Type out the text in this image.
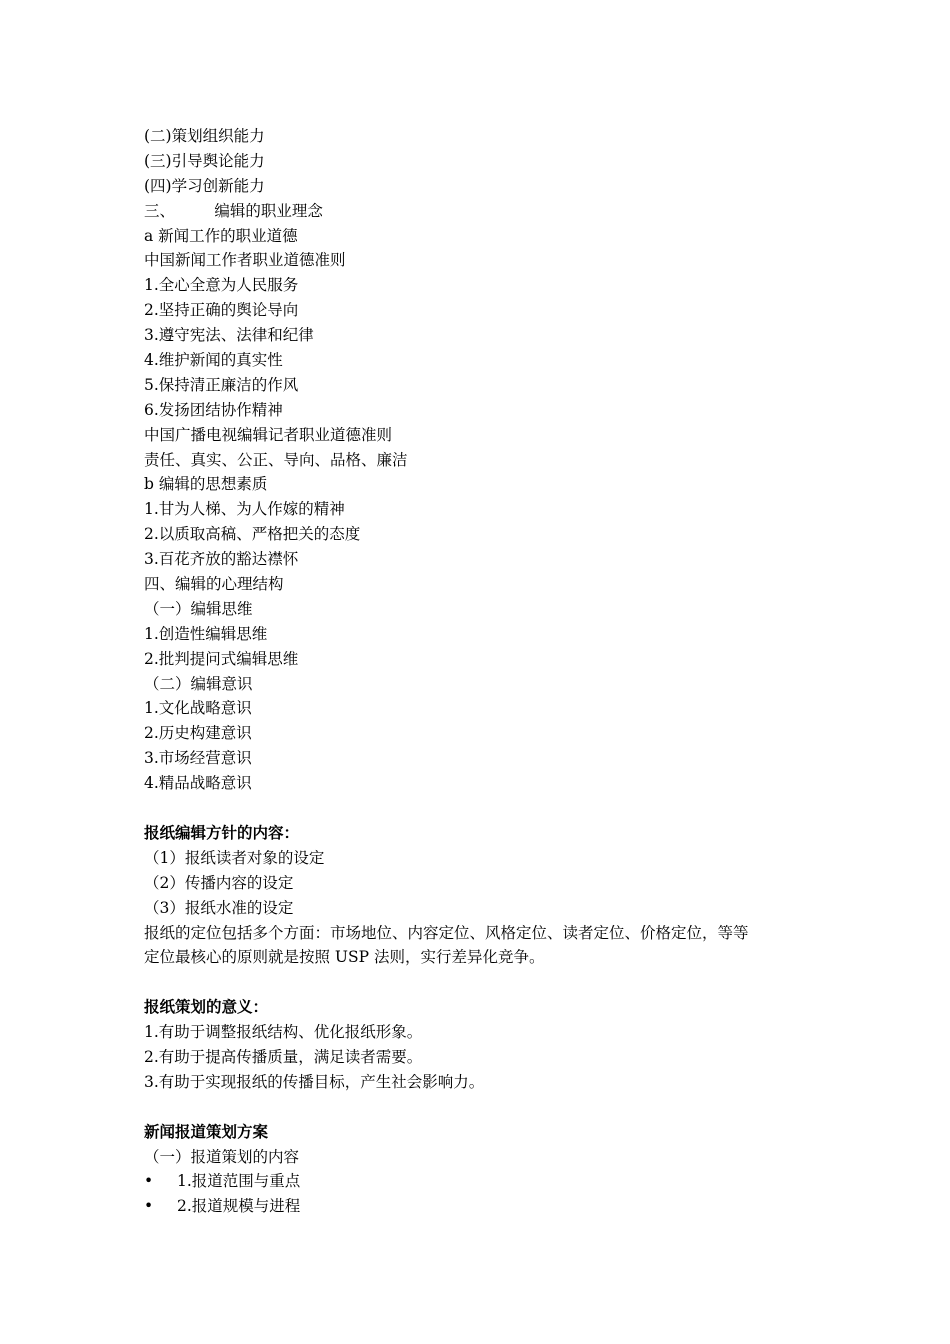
(二)策划组织能力
(三)引导舆论能力
(四)学习创新能力
三、        编辑的职业理念
a 新闻工作的职业道德
中国新闻工作者职业道德准则
1.全心全意为人民服务
2.坚持正确的舆论导向
3.遵守宪法、法律和纪律
4.维护新闻的真实性
5.保持清正廉洁的作风
6.发扬团结协作精神
中国广播电视编辑记者职业道德准则
责任、真实、公正、导向、品格、廉洁
b 编辑的思想素质
1.甘为人梯、为人作嫁的精神
2.以质取高稿、严格把关的态度
3.百花齐放的豁达襟怀
四、编辑的心理结构
（一）编辑思维
1.创造性编辑思维
2.批判提问式编辑思维
（二）编辑意识
1.文化战略意识
2.历史构建意识
3.市场经营意识
4.精品战略意识
报纸编辑方针的内容：
（1）报纸读者对象的设定
（2）传播内容的设定
（3）报纸水准的设定
报纸的定位包括多个方面：市场地位、内容定位、风格定位、读者定位、价格定位，等等
定位最核心的原则就是按照 USP 法则，实行差异化竞争。
报纸策划的意义：
1.有助于调整报纸结构、优化报纸形象。
2.有助于提高传播质量，满足读者需要。
3.有助于实现报纸的传播目标，产生社会影响力。
新闻报道策划方案
（一）报道策划的内容
•	1.报道范围与重点
•	2.报道规模与进程
